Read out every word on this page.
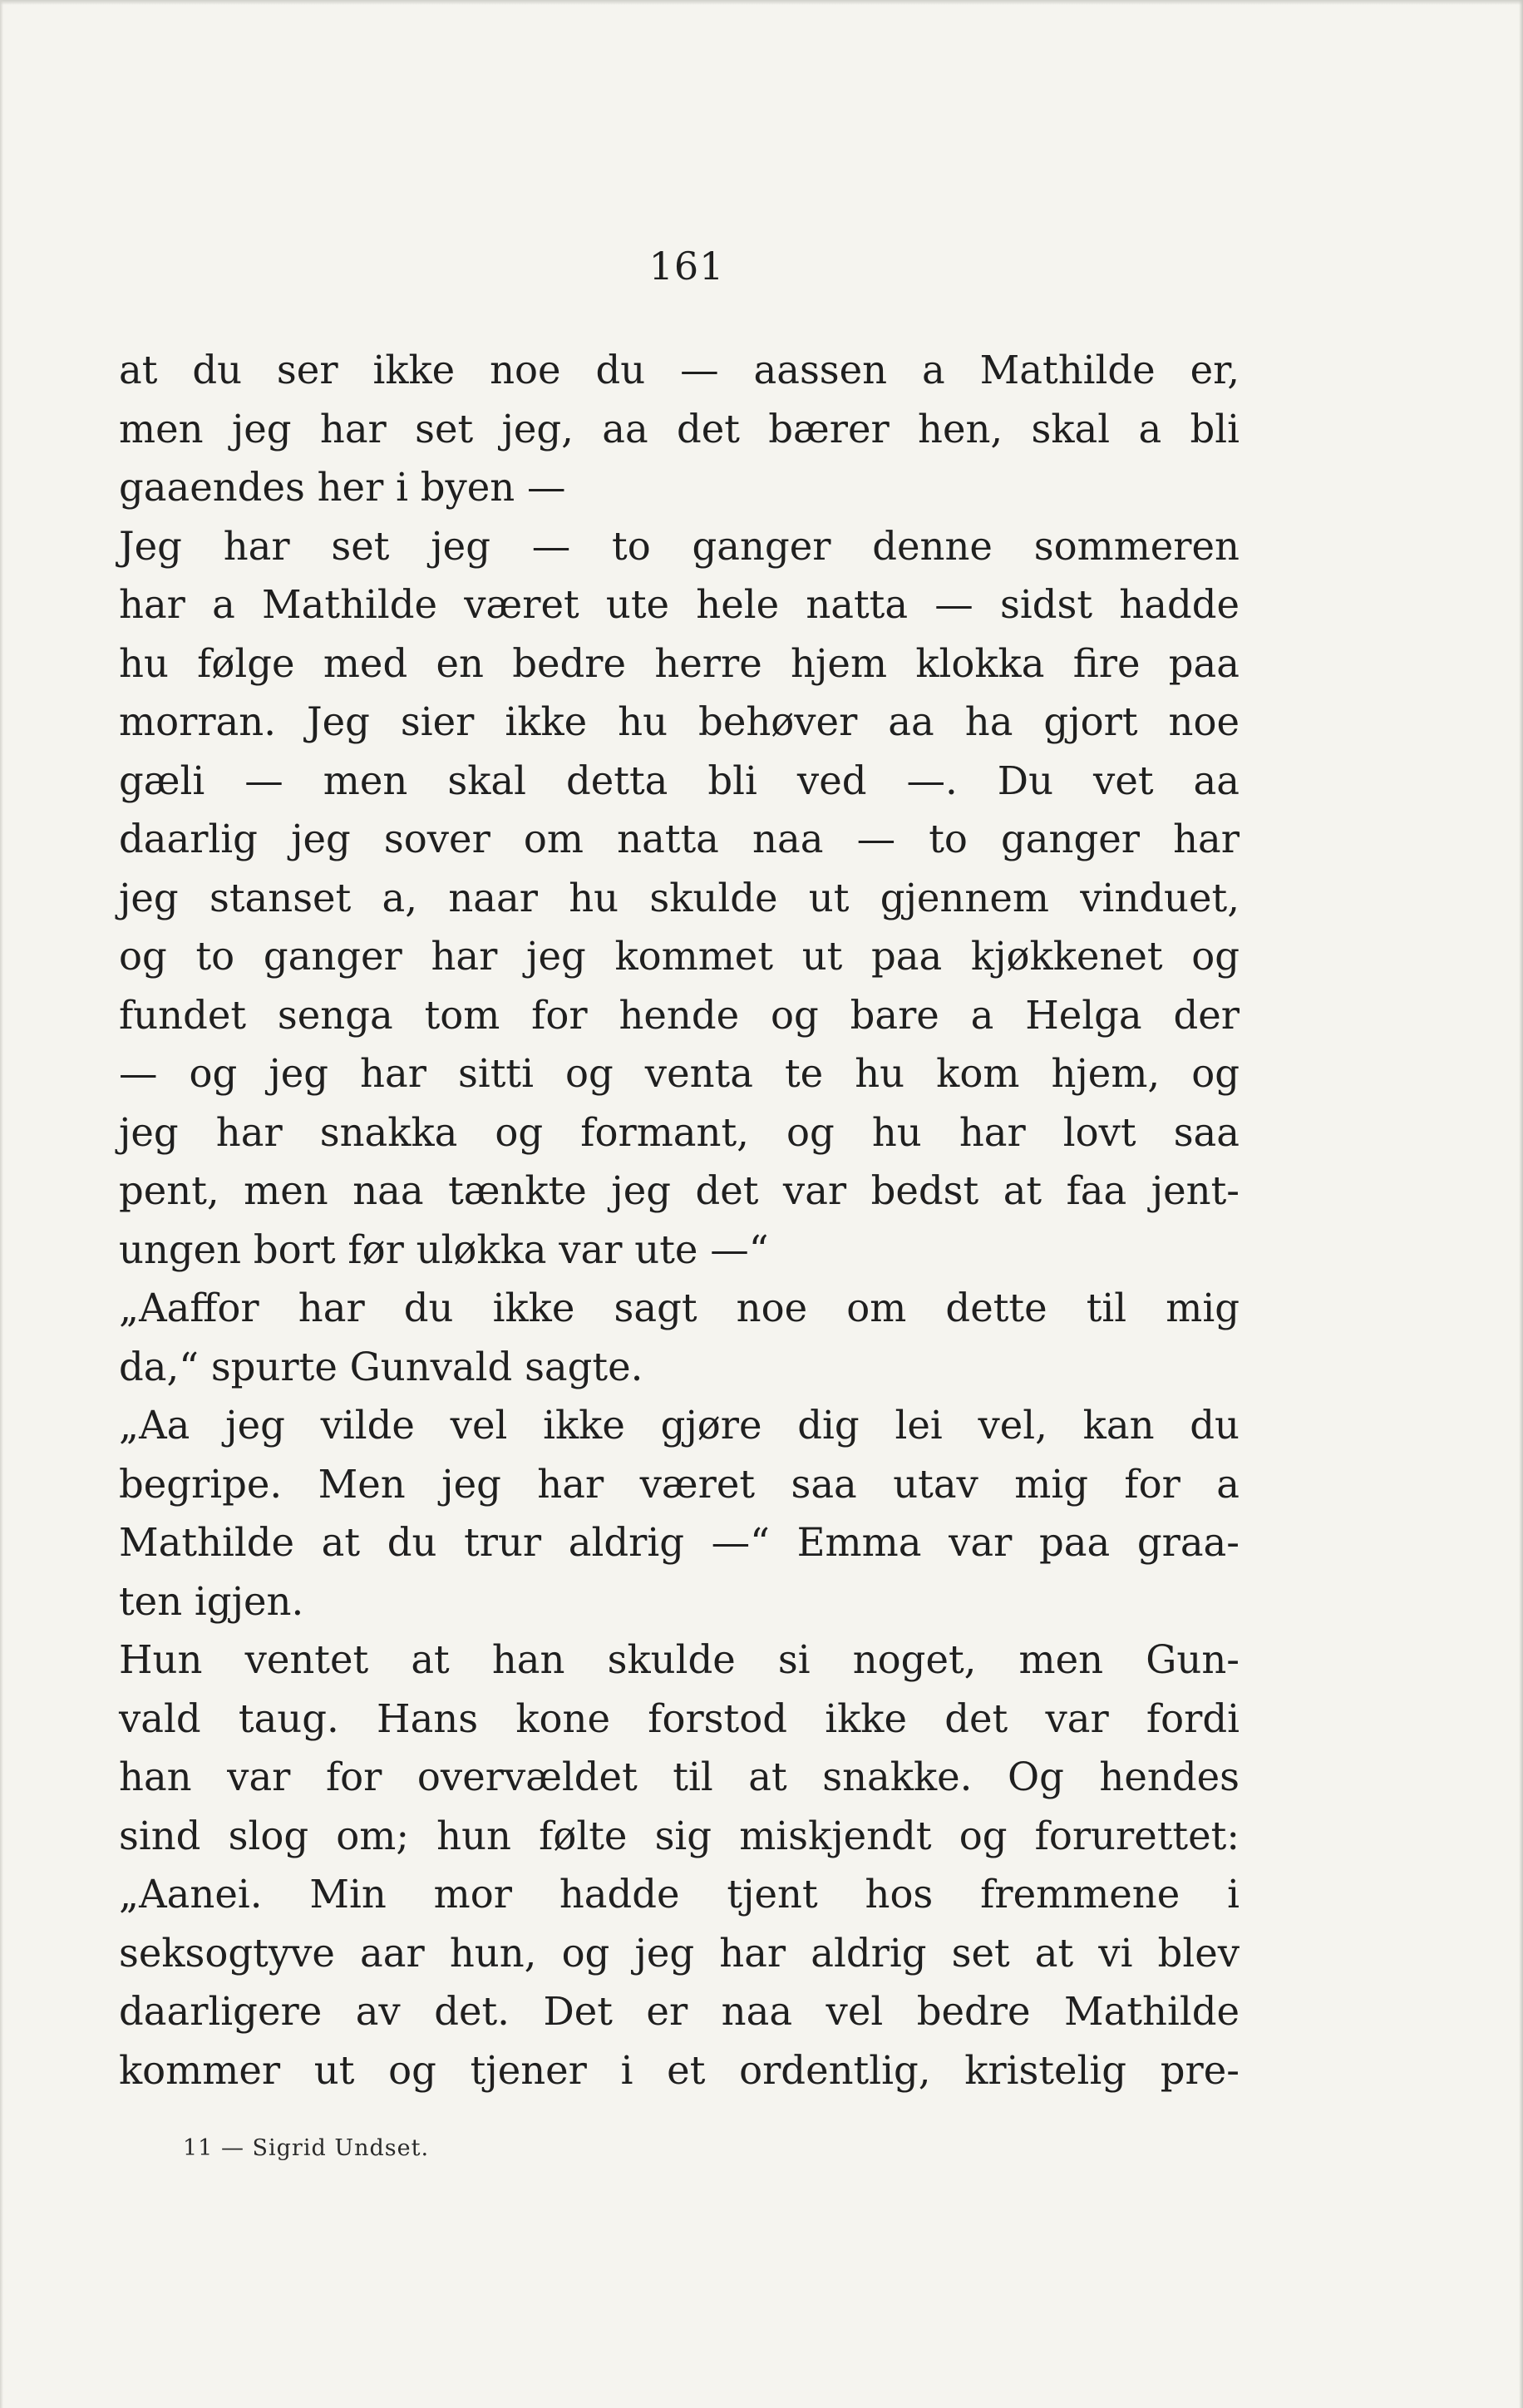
161
at du ser ikke noe du — aassen a Mathilde er,
men jeg har set jeg, aa det bærer hen, skal a bli
gaaendes her i byen —
Jeg har set jeg — to ganger denne sommeren
har a Mathilde været ute hele natta — sidst hadde
hu følge med en bedre herre hjem klokka fire paa
morran. Jeg sier ikke hu behøver aa ha gjort noe
gæli — men skal detta bli ved —. Du vet aa
daarlig jeg sover om natta naa — to ganger har
jeg stanset a, naar hu skulde ut gjennem vinduet,
og to ganger har jeg kommet ut paa kjøkkenet og
fundet senga tom for hende og bare a Helga der
— og jeg har sitti og venta te hu kom hjem, og
jeg har snakka og formant, og hu har lovt saa
pent, men naa tænkte jeg det var bedst at faa jent-
ungen bort før uløkka var ute —“
„Aaffor har du ikke sagt noe om dette til mig
da,“ spurte Gunvald sagte.
„Aa jeg vilde vel ikke gjøre dig lei vel, kan du
begripe. Men jeg har været saa utav mig for a
Mathilde at du trur aldrig —“ Emma var paa graa-
ten igjen.
Hun ventet at han skulde si noget, men Gun-
vald taug. Hans kone forstod ikke det var fordi
han var for overvældet til at snakke. Og hendes
sind slog om; hun følte sig miskjendt og forurettet:
„Aanei. Min mor hadde tjent hos fremmene i
seksogtyve aar hun, og jeg har aldrig set at vi blev
daarligere av det. Det er naa vel bedre Mathilde
kommer ut og tjener i et ordentlig, kristelig pre-
11 — Sigrid Undset.
